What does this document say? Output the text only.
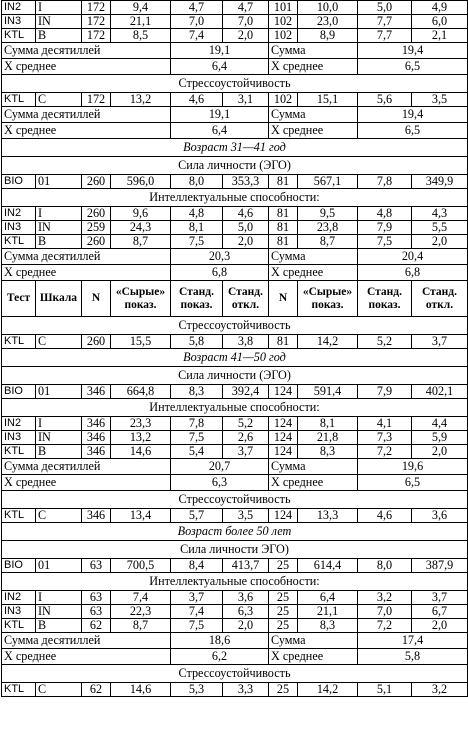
IN2	I	172	9,4	4,7	4,7	101	10,0	5,0	4,9
IN3	IN	172	21,1	7,0	7,0	102	23,0	7,7	6,0
KTL	B	172	8,5	7,4	2,0	102	8,9	7,7	2,1
Сумма десятиллей				19,1		Сумма		19,4	
X среднее				6,4		X среднее		6,5	
Стрессоустойчивость									
KTL	C	172	13,2	4,6	3,1	102	15,1	5,6	3,5
Сумма десятиллей				19,1		Сумма		19,4	
X среднее				6,4		X среднее		6,5	
Возраст 31—41 год									
Сила личности (ЭГО)									
BIO	01	260	596,0	8,0	353,3	81	567,1	7,8	349,9
Интеллектуальные способности:									
IN2	I	260	9,6	4,8	4,6	81	9,5	4,8	4,3
IN3	IN	259	24,3	8,1	5,0	81	23,8	7,9	5,5
KTL	B	260	8,7	7,5	2,0	81	8,7	7,5	2,0
Сумма десятиллей				20,3		Сумма		20,4	
X среднее				6,8		X среднее		6,8	
Тест	Шкала	N	«Сырые» показ.	Станд. показ.	Станд. откл.	N	«Сырые» показ.	Станд. показ.	Станд. откл.
Стрессоустойчивость									
KTL	C	260	15,5	5,8	3,8	81	14,2	5,2	3,7
Возраст 41—50 год									
Сила личности (ЭГО)									
BIO	01	346	664,8	8,3	392,4	124	591,4	7,9	402,1
Интеллектуальные способности:									
IN2	I	346	23,3	7,8	5,2	124	8,1	4,1	4,4
IN3	IN	346	13,2	7,5	2,6	124	21,8	7,3	5,9
KTL	B	346	14,6	5,4	3,7	124	8,3	7,2	2,0
Сумма десятиллей				20,7		Сумма		19,6	
X среднее				6,3		X среднее		6,5	
Стрессоустойчивость									
KTL	C	346	13,4	5,7	3,5	124	13,3	4,6	3,6
Возраст более 50 лет									
Сила личности ЭГО)									
BIO	01	63	700,5	8,4	413,7	25	614,4	8,0	387,9
Интеллектуальные способности:									
IN2	I	63	7,4	3,7	3,6	25	6,4	3,2	3,7
IN3	IN	63	22,3	7,4	6,3	25	21,1	7,0	6,7
KTL	B	62	8,7	7,5	2,0	25	8,3	7,2	2,0
Сумма десятиллей				18,6		Сумма		17,4	
X среднее				6,2		X среднее		5,8	
Стрессоустойчивость									
KTL	C	62	14,6	5,3	3,3	25	14,2	5,1	3,2
